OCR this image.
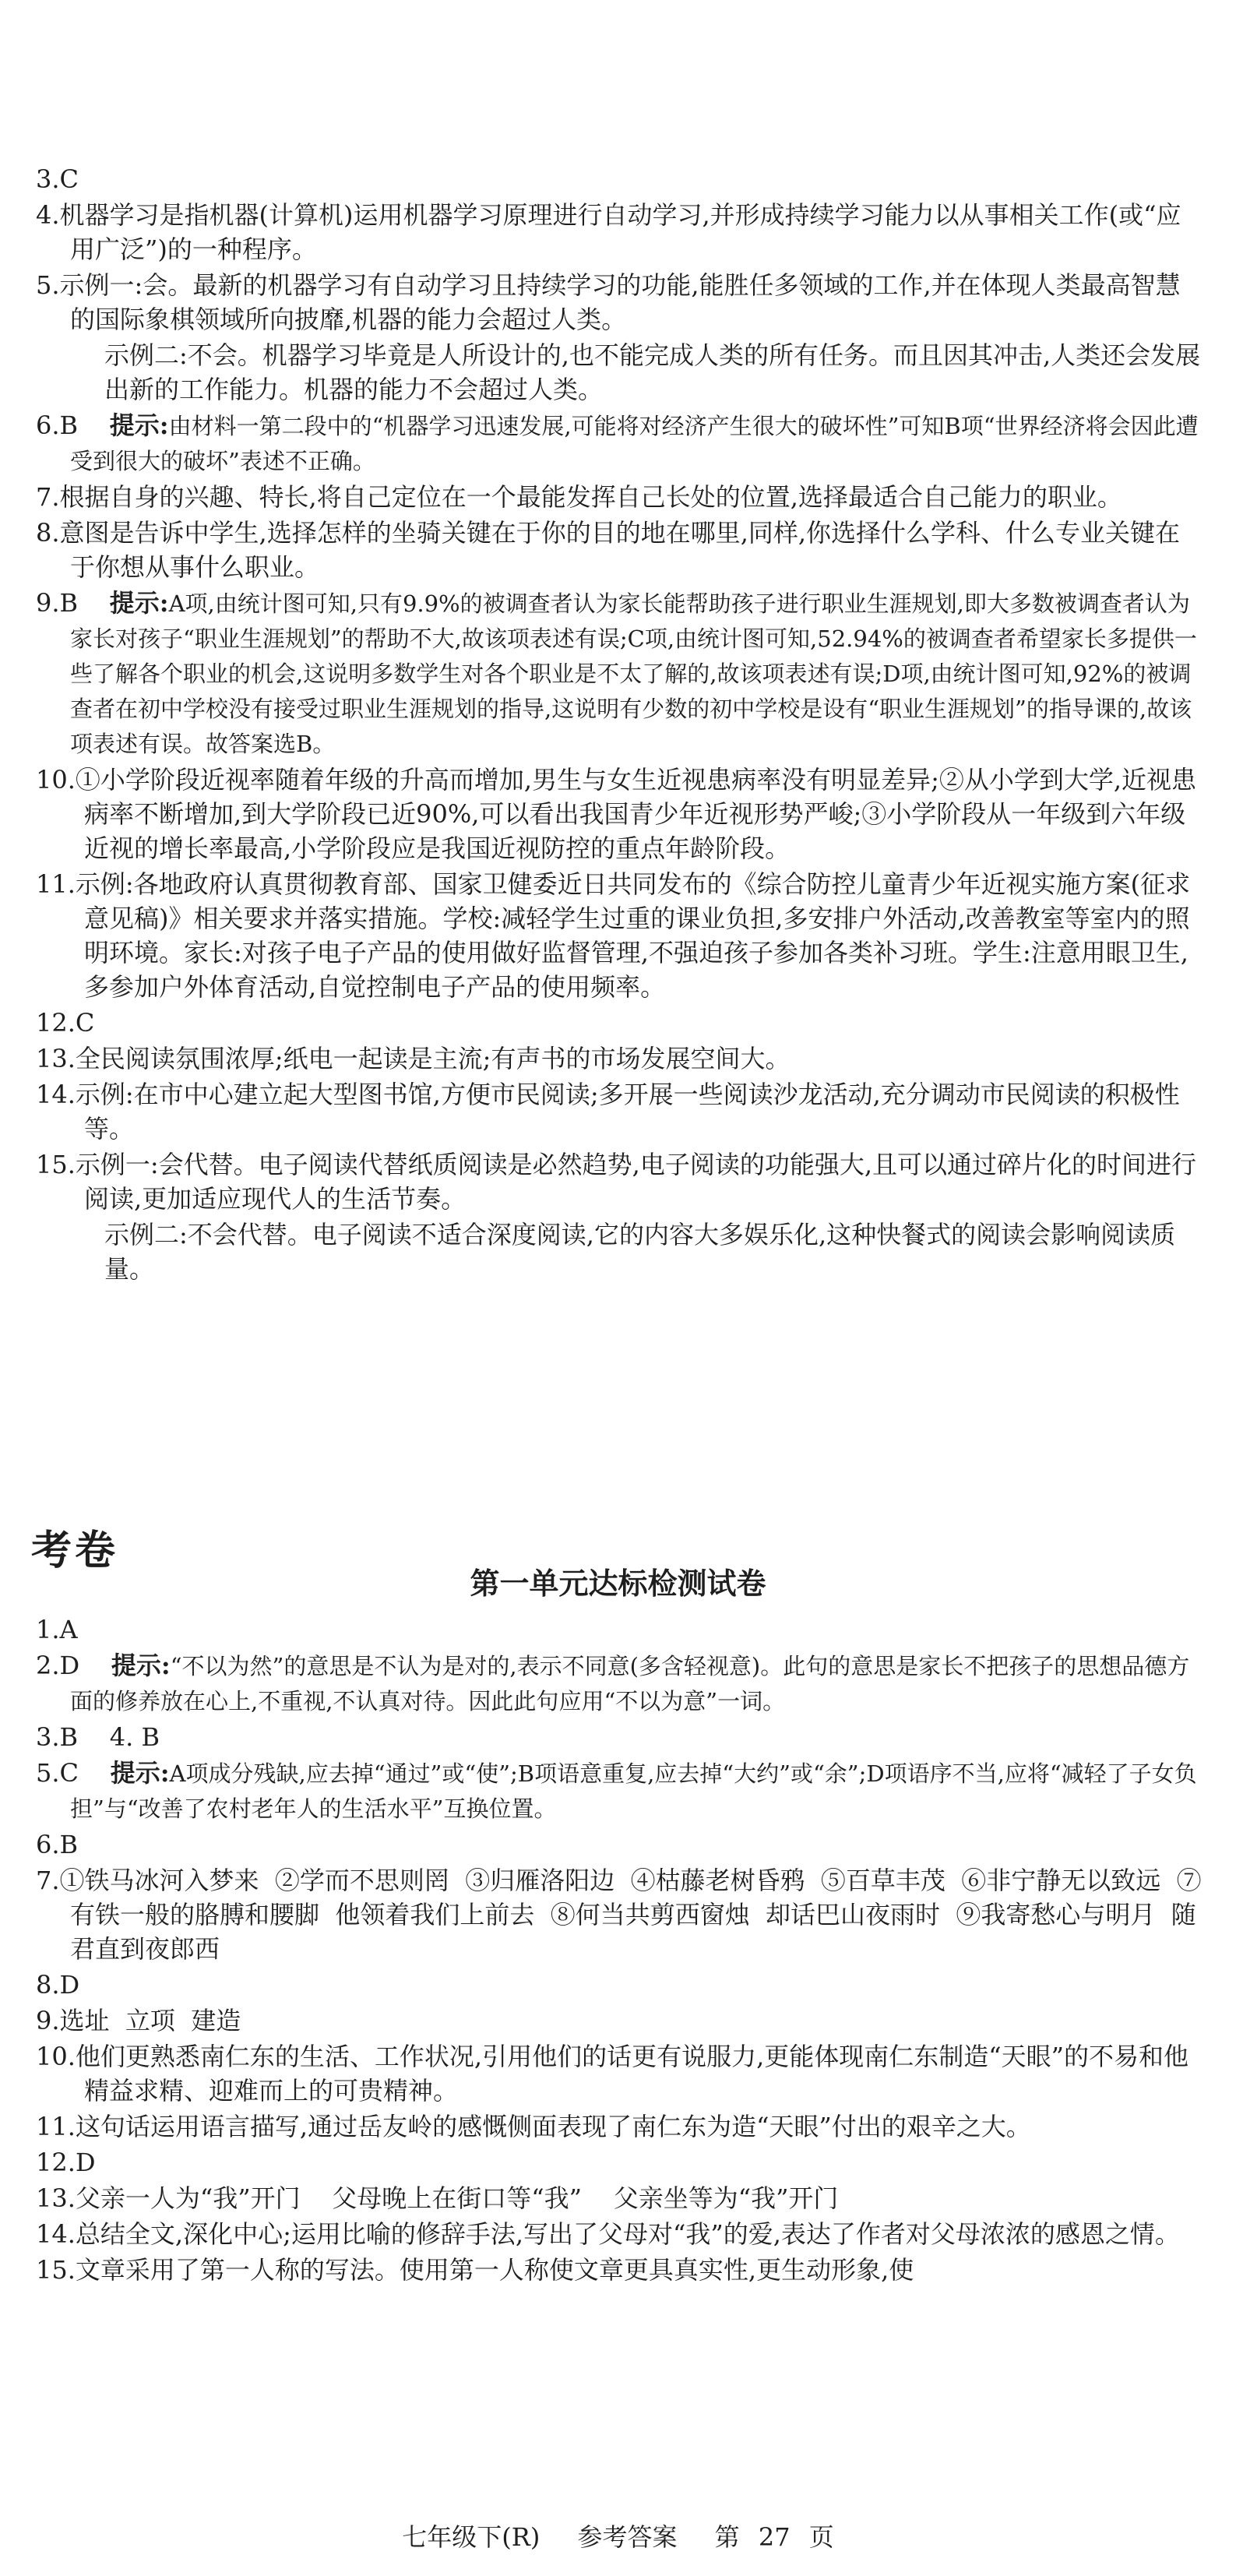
3.C
4.机器学习是指机器(计算机)运用机器学习原理进行自动学习,并形成持续学习能力以从事相关工作(或“应用广泛”)的一种程序。
5.示例一:会。最新的机器学习有自动学习且持续学习的功能,能胜任多领域的工作,并在体现人类最高智慧的国际象棋领域所向披靡,机器的能力会超过人类。
示例二:不会。机器学习毕竟是人所设计的,也不能完成人类的所有任务。而且因其冲击,人类还会发展出新的工作能力。机器的能力不会超过人类。
6.B 提示:由材料一第二段中的“机器学习迅速发展,可能将对经济产生很大的破坏性”可知B项“世界经济将会因此遭受到很大的破坏”表述不正确。
7.根据自身的兴趣、特长,将自己定位在一个最能发挥自己长处的位置,选择最适合自己能力的职业。
8.意图是告诉中学生,选择怎样的坐骑关键在于你的目的地在哪里,同样,你选择什么学科、什么专业关键在于你想从事什么职业。
9.B 提示:A项,由统计图可知,只有9.9%的被调查者认为家长能帮助孩子进行职业生涯规划,即大多数被调查者认为家长对孩子“职业生涯规划”的帮助不大,故该项表述有误;C项,由统计图可知,52.94%的被调查者希望家长多提供一些了解各个职业的机会,这说明多数学生对各个职业是不太了解的,故该项表述有误;D项,由统计图可知,92%的被调查者在初中学校没有接受过职业生涯规划的指导,这说明有少数的初中学校是设有“职业生涯规划”的指导课的,故该项表述有误。故答案选B。
10.①小学阶段近视率随着年级的升高而增加,男生与女生近视患病率没有明显差异;②从小学到大学,近视患病率不断增加,到大学阶段已近90%,可以看出我国青少年近视形势严峻;③小学阶段从一年级到六年级近视的增长率最高,小学阶段应是我国近视防控的重点年龄阶段。
11.示例:各地政府认真贯彻教育部、国家卫健委近日共同发布的《综合防控儿童青少年近视实施方案(征求意见稿)》相关要求并落实措施。学校:减轻学生过重的课业负担,多安排户外活动,改善教室等室内的照明环境。家长:对孩子电子产品的使用做好监督管理,不强迫孩子参加各类补习班。学生:注意用眼卫生,多参加户外体育活动,自觉控制电子产品的使用频率。
12.C
13.全民阅读氛围浓厚;纸电一起读是主流;有声书的市场发展空间大。
14.示例:在市中心建立起大型图书馆,方便市民阅读;多开展一些阅读沙龙活动,充分调动市民阅读的积极性等。
15.示例一:会代替。电子阅读代替纸质阅读是必然趋势,电子阅读的功能强大,且可以通过碎片化的时间进行阅读,更加适应现代人的生活节奏。
示例二:不会代替。电子阅读不适合深度阅读,它的内容大多娱乐化,这种快餐式的阅读会影响阅读质量。
考卷
第一单元达标检测试卷
1.A
2.D 提示:“不以为然”的意思是不认为是对的,表示不同意(多含轻视意)。此句的意思是家长不把孩子的思想品德方面的修养放在心上,不重视,不认真对待。因此此句应用“不以为意”一词。
3.B    4. B
5.C 提示:A项成分残缺,应去掉“通过”或“使”;B项语意重复,应去掉“大约”或“余”;D项语序不当,应将“减轻了子女负担”与“改善了农村老年人的生活水平”互换位置。
6.B
7.①铁马冰河入梦来  ②学而不思则罔  ③归雁洛阳边  ④枯藤老树昏鸦  ⑤百草丰茂  ⑥非宁静无以致远  ⑦有铁一般的胳膊和腰脚  他领着我们上前去  ⑧何当共剪西窗烛  却话巴山夜雨时  ⑨我寄愁心与明月  随君直到夜郎西
8.D
9.选址  立项  建造
10.他们更熟悉南仁东的生活、工作状况,引用他们的话更有说服力,更能体现南仁东制造“天眼”的不易和他精益求精、迎难而上的可贵精神。
11.这句话运用语言描写,通过岳友岭的感慨侧面表现了南仁东为造“天眼”付出的艰辛之大。
12.D
13.父亲一人为“我”开门    父母晚上在街口等“我”    父亲坐等为“我”开门
14.总结全文,深化中心;运用比喻的修辞手法,写出了父母对“我”的爱,表达了作者对父母浓浓的感恩之情。
15.文章采用了第一人称的写法。使用第一人称使文章更具真实性,更生动形象,使
七年级下(R) 参考答案 第 27 页
